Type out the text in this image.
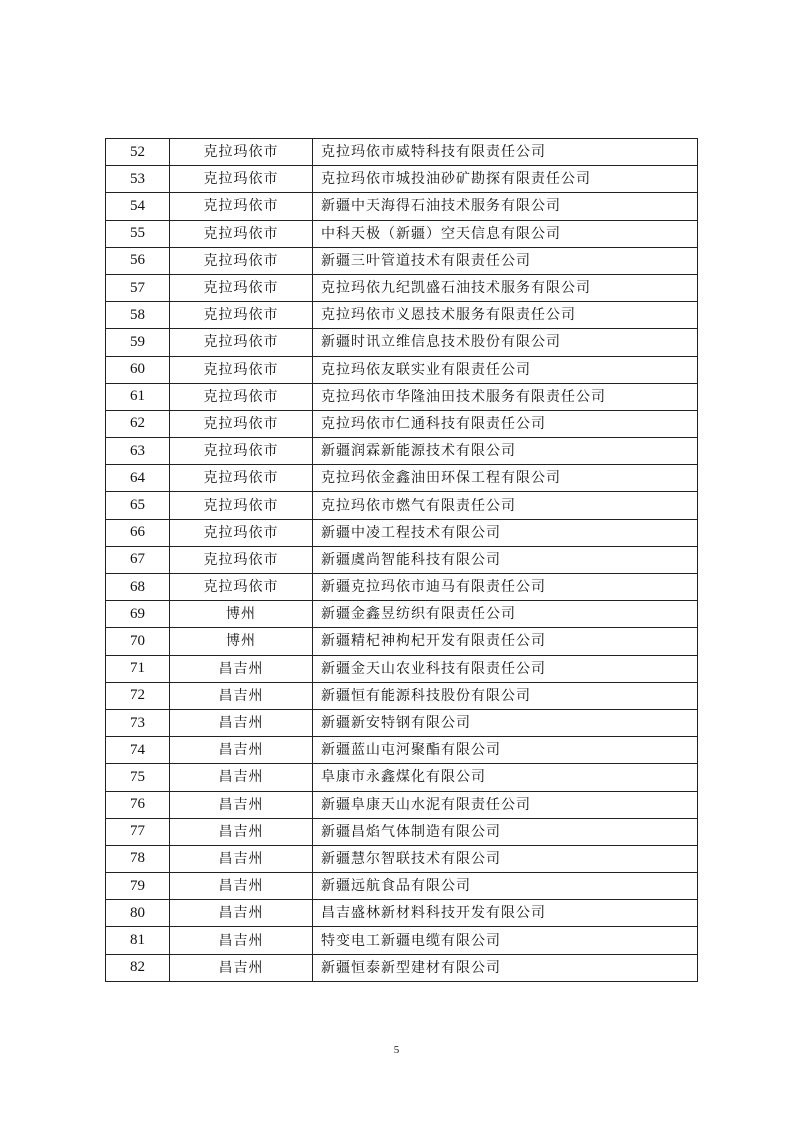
52	克拉玛依市	克拉玛依市威特科技有限责任公司
53	克拉玛依市	克拉玛依市城投油砂矿勘探有限责任公司
54	克拉玛依市	新疆中天海得石油技术服务有限公司
55	克拉玛依市	中科天极（新疆）空天信息有限公司
56	克拉玛依市	新疆三叶管道技术有限责任公司
57	克拉玛依市	克拉玛依九纪凯盛石油技术服务有限公司
58	克拉玛依市	克拉玛依市义恩技术服务有限责任公司
59	克拉玛依市	新疆时讯立维信息技术股份有限公司
60	克拉玛依市	克拉玛依友联实业有限责任公司
61	克拉玛依市	克拉玛依市华隆油田技术服务有限责任公司
62	克拉玛依市	克拉玛依市仁通科技有限责任公司
63	克拉玛依市	新疆润霖新能源技术有限公司
64	克拉玛依市	克拉玛依金鑫油田环保工程有限公司
65	克拉玛依市	克拉玛依市燃气有限责任公司
66	克拉玛依市	新疆中凌工程技术有限公司
67	克拉玛依市	新疆虞尚智能科技有限公司
68	克拉玛依市	新疆克拉玛依市迪马有限责任公司
69	博州	新疆金鑫昱纺织有限责任公司
70	博州	新疆精杞神枸杞开发有限责任公司
71	昌吉州	新疆金天山农业科技有限责任公司
72	昌吉州	新疆恒有能源科技股份有限公司
73	昌吉州	新疆新安特钢有限公司
74	昌吉州	新疆蓝山屯河聚酯有限公司
75	昌吉州	阜康市永鑫煤化有限公司
76	昌吉州	新疆阜康天山水泥有限责任公司
77	昌吉州	新疆昌焰气体制造有限公司
78	昌吉州	新疆慧尔智联技术有限公司
79	昌吉州	新疆远航食品有限公司
80	昌吉州	昌吉盛林新材料科技开发有限公司
81	昌吉州	特变电工新疆电缆有限公司
82	昌吉州	新疆恒泰新型建材有限公司
5
